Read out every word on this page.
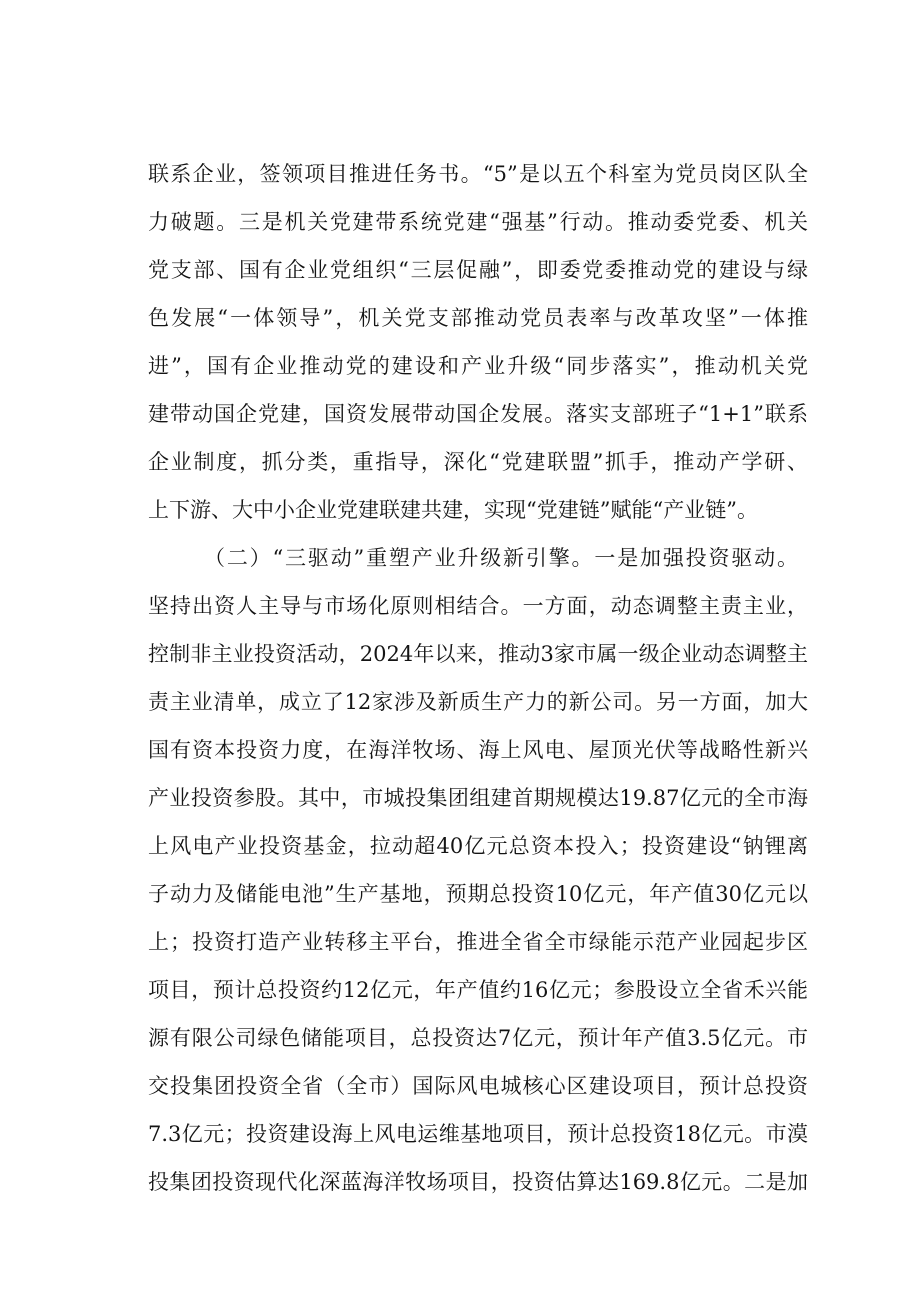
联系企业，签领项目推进任务书。“5”是以五个科室为党员岗区队全
力破题。三是机关党建带系统党建“强基”行动。推动委党委、机关
党支部、国有企业党组织“三层促融”，即委党委推动党的建设与绿
色发展“一体领导”，机关党支部推动党员表率与改革攻坚”一体推
进”，国有企业推动党的建设和产业升级“同步落实”，推动机关党
建带动国企党建，国资发展带动国企发展。落实支部班子“1+1”联系
企业制度，抓分类，重指导，深化“党建联盟”抓手，推动产学研、
上下游、大中小企业党建联建共建，实现“党建链”赋能“产业链”。
（二）“三驱动”重塑产业升级新引擎。一是加强投资驱动。
坚持出资人主导与市场化原则相结合。一方面，动态调整主责主业，
控制非主业投资活动，2024年以来，推动3家市属一级企业动态调整主
责主业清单，成立了12家涉及新质生产力的新公司。另一方面，加大
国有资本投资力度，在海洋牧场、海上风电、屋顶光伏等战略性新兴
产业投资参股。其中，市城投集团组建首期规模达19.87亿元的全市海
上风电产业投资基金，拉动超40亿元总资本投入；投资建设“钠锂离
子动力及储能电池”生产基地，预期总投资10亿元，年产值30亿元以
上；投资打造产业转移主平台，推进全省全市绿能示范产业园起步区
项目，预计总投资约12亿元，年产值约16亿元；参股设立全省禾兴能
源有限公司绿色储能项目，总投资达7亿元，预计年产值3.5亿元。市
交投集团投资全省（全市）国际风电城核心区建设项目，预计总投资
7.3亿元；投资建设海上风电运维基地项目，预计总投资18亿元。市漠
投集团投资现代化深蓝海洋牧场项目，投资估算达169.8亿元。二是加
